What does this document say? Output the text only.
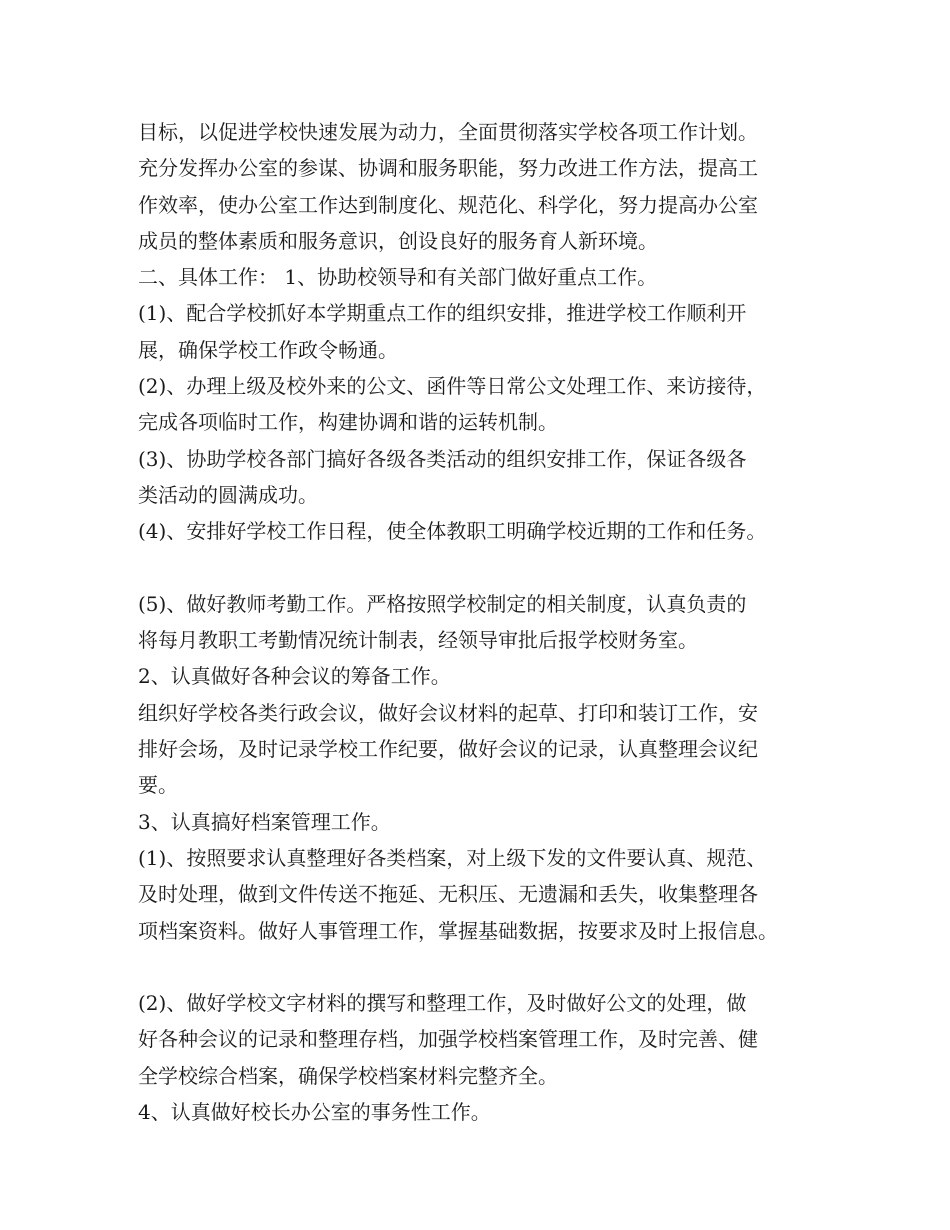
目标，以促进学校快速发展为动力，全面贯彻落实学校各项工作计划。
充分发挥办公室的参谋、协调和服务职能，努力改进工作方法，提高工
作效率，使办公室工作达到制度化、规范化、科学化，努力提高办公室
成员的整体素质和服务意识，创设良好的服务育人新环境。
二、具体工作： 1、协助校领导和有关部门做好重点工作。
(1)、配合学校抓好本学期重点工作的组织安排，推进学校工作顺利开
展，确保学校工作政令畅通。
(2)、办理上级及校外来的公文、函件等日常公文处理工作、来访接待，
完成各项临时工作，构建协调和谐的运转机制。
(3)、协助学校各部门搞好各级各类活动的组织安排工作，保证各级各
类活动的圆满成功。
(4)、安排好学校工作日程，使全体教职工明确学校近期的工作和任务。
(5)、做好教师考勤工作。严格按照学校制定的相关制度，认真负责的
将每月教职工考勤情况统计制表，经领导审批后报学校财务室。
2、认真做好各种会议的筹备工作。
组织好学校各类行政会议，做好会议材料的起草、打印和装订工作，安
排好会场，及时记录学校工作纪要，做好会议的记录，认真整理会议纪
要。
3、认真搞好档案管理工作。
(1)、按照要求认真整理好各类档案，对上级下发的文件要认真、规范、
及时处理，做到文件传送不拖延、无积压、无遗漏和丢失，收集整理各
项档案资料。做好人事管理工作，掌握基础数据，按要求及时上报信息。
(2)、做好学校文字材料的撰写和整理工作，及时做好公文的处理，做
好各种会议的记录和整理存档，加强学校档案管理工作，及时完善、健
全学校综合档案，确保学校档案材料完整齐全。
4、认真做好校长办公室的事务性工作。
